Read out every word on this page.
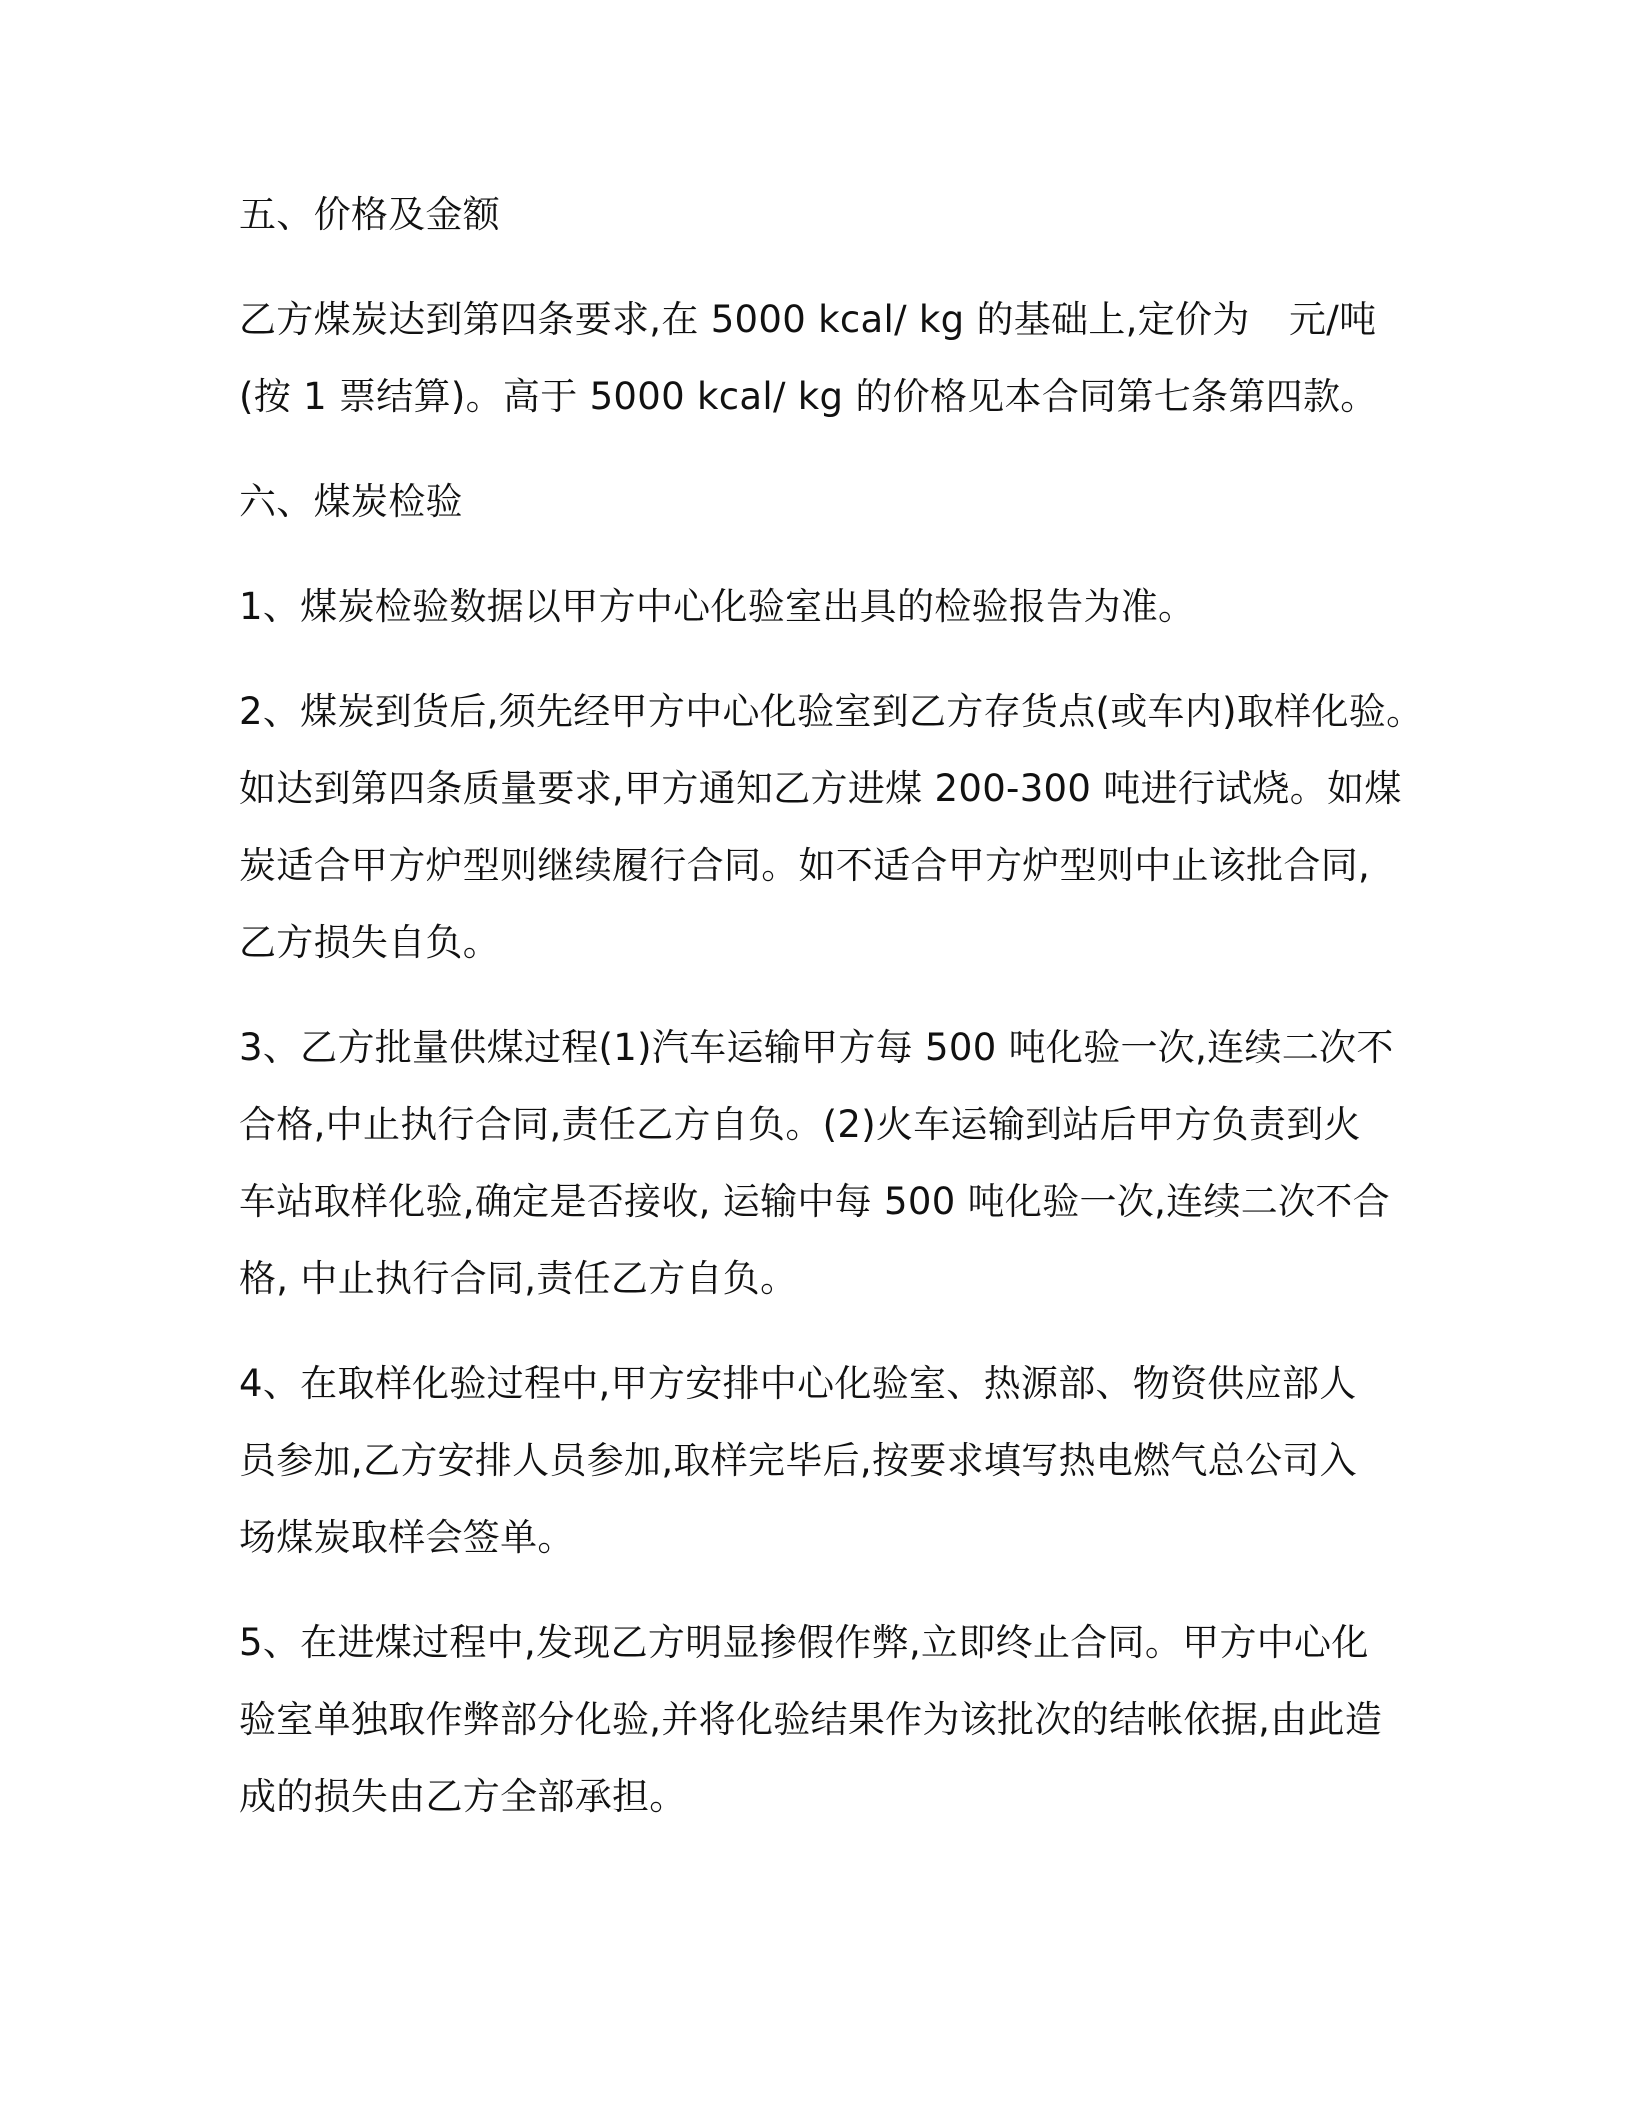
五、价格及金额
乙方煤炭达到第四条要求,在 5000 kcal/ kg 的基础上,定价为 元/吨
(按 1 票结算)。高于 5000 kcal/ kg 的价格见本合同第七条第四款。
六、煤炭检验
1、煤炭检验数据以甲方中心化验室出具的检验报告为准。
2、煤炭到货后,须先经甲方中心化验室到乙方存货点(或车内)取样化验。
如达到第四条质量要求,甲方通知乙方进煤 200-300 吨进行试烧。如煤
炭适合甲方炉型则继续履行合同。如不适合甲方炉型则中止该批合同,
乙方损失自负。
3、乙方批量供煤过程(1)汽车运输甲方每 500 吨化验一次,连续二次不
合格,中止执行合同,责任乙方自负。(2)火车运输到站后甲方负责到火
车站取样化验,确定是否接收, 运输中每 500 吨化验一次,连续二次不合
格, 中止执行合同,责任乙方自负。
4、在取样化验过程中,甲方安排中心化验室、热源部、物资供应部人
员参加,乙方安排人员参加,取样完毕后,按要求填写热电燃气总公司入
场煤炭取样会签单。
5、在进煤过程中,发现乙方明显掺假作弊,立即终止合同。甲方中心化
验室单独取作弊部分化验,并将化验结果作为该批次的结帐依据,由此造
成的损失由乙方全部承担。
